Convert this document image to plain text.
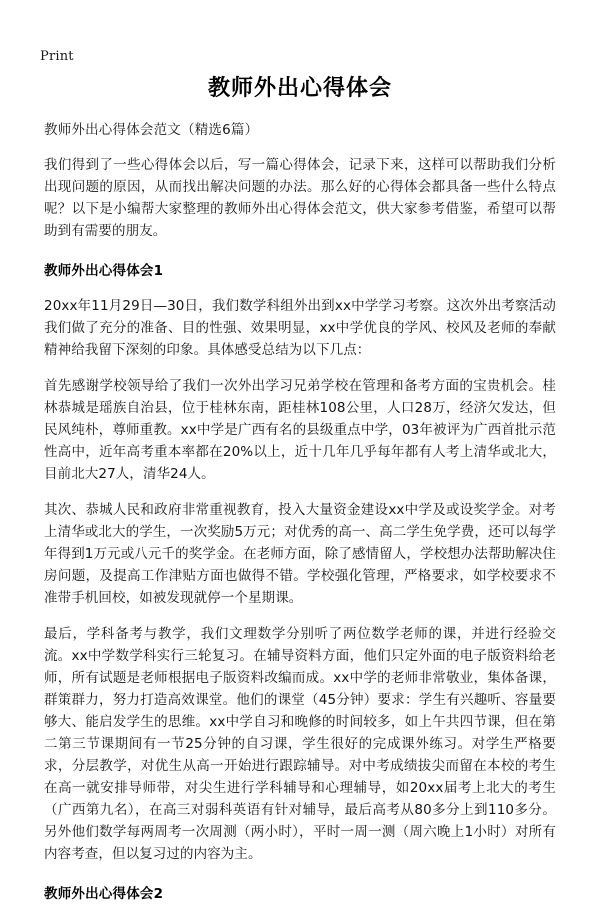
Print
教师外出心得体会
教师外出心得体会范文（精选6篇）

我们得到了一些心得体会以后，写一篇心得体会，记录下来，这样可以帮助我们分析出现问题的原因，从而找出解决问题的办法。那么好的心得体会都具备一些什么特点呢？以下是小编帮大家整理的教师外出心得体会范文，供大家参考借鉴，希望可以帮助到有需要的朋友。

教师外出心得体会1

20xx年11月29日—30日，我们数学科组外出到xx中学学习考察。这次外出考察活动我们做了充分的准备、目的性强、效果明显，xx中学优良的学风、校风及老师的奉献精神给我留下深刻的印象。具体感受总结为以下几点：

首先感谢学校领导给了我们一次外出学习兄弟学校在管理和备考方面的宝贵机会。桂林恭城是瑶族自治县，位于桂林东南，距桂林108公里，人口28万，经济欠发达，但民风纯朴，尊师重教。xx中学是广西有名的县级重点中学，03年被评为广西首批示范性高中，近年高考重本率都在20%以上，近十几年几乎每年都有人考上清华或北大，目前北大27人，清华24人。

其次、恭城人民和政府非常重视教育，投入大量资金建设xx中学及或设奖学金。对考上清华或北大的学生，一次奖励5万元；对优秀的高一、高二学生免学费，还可以每学年得到1万元或八元千的奖学金。在老师方面，除了感情留人，学校想办法帮助解决住房问题，及提高工作津贴方面也做得不错。学校强化管理，严格要求，如学校要求不准带手机回校，如被发现就停一个星期课。

最后，学科备考与教学，我们文理数学分别听了两位数学老师的课，并进行经验交流。xx中学数学科实行三轮复习。在辅导资料方面，他们只定外面的电子版资料给老师，所有试题是老师根据电子版资料改编而成。xx中学的老师非常敬业，集体备课，群策群力，努力打造高效课堂。他们的课堂（45分钟）要求：学生有兴趣听、容量要够大、能启发学生的思维。xx中学自习和晚修的时间较多，如上午共四节课，但在第二第三节课期间有一节25分钟的自习课，学生很好的完成课外练习。对学生严格要求，分层教学，对优生从高一开始进行跟踪辅导。对中考成绩拔尖而留在本校的考生在高一就安排导师带，对尖生进行学科辅导和心理辅导，如20xx届考上北大的考生（广西第九名），在高三对弱科英语有针对辅导，最后高考从80多分上到110多分。另外他们数学每两周考一次周测（两小时），平时一周一测（周六晚上1小时）对所有内容考查，但以复习过的内容为主。

教师外出心得体会2
